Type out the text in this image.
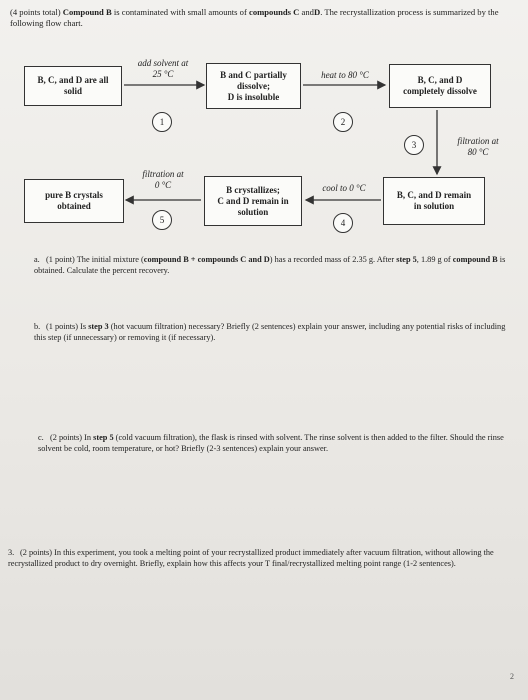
(4 points total) Compound B is contaminated with small amounts of compounds C andD. The recrystallization process is summarized by the following flow chart.
B, C, and D are all
solid
add solvent at
25 °C	B and C partially
dissolve;
D is insoluble
heat to 80 °C	B, C, and D
completely dissolve
1	2
3	filtration at
80 °C
pure B crystals
obtained
filtration at
0 °C	B crystallizes;
C and D remain in
solution
cool to 0 °C
B, C, and D remain
in solution
5	4
a. (1 point) The initial mixture (compound B + compounds C and D) has a recorded mass of 2.35 g. After step 5, 1.89 g of compound B is obtained. Calculate the percent recovery.
b. (1 points) Is step 3 (hot vacuum filtration) necessary? Briefly (2 sentences) explain your answer, including any potential risks of including this step (if unnecessary) or removing it (if necessary).
c. (2 points) In step 5 (cold vacuum filtration), the flask is rinsed with solvent. The rinse solvent is then added to the filter. Should the rinse solvent be cold, room temperature, or hot? Briefly (2-3 sentences) explain your answer.
3. (2 points) In this experiment, you took a melting point of your recrystallized product immediately after vacuum filtration, without allowing the recrystallized product to dry overnight. Briefly, explain how this affects your T final/recrystallized melting point range (1-2 sentences).
2
